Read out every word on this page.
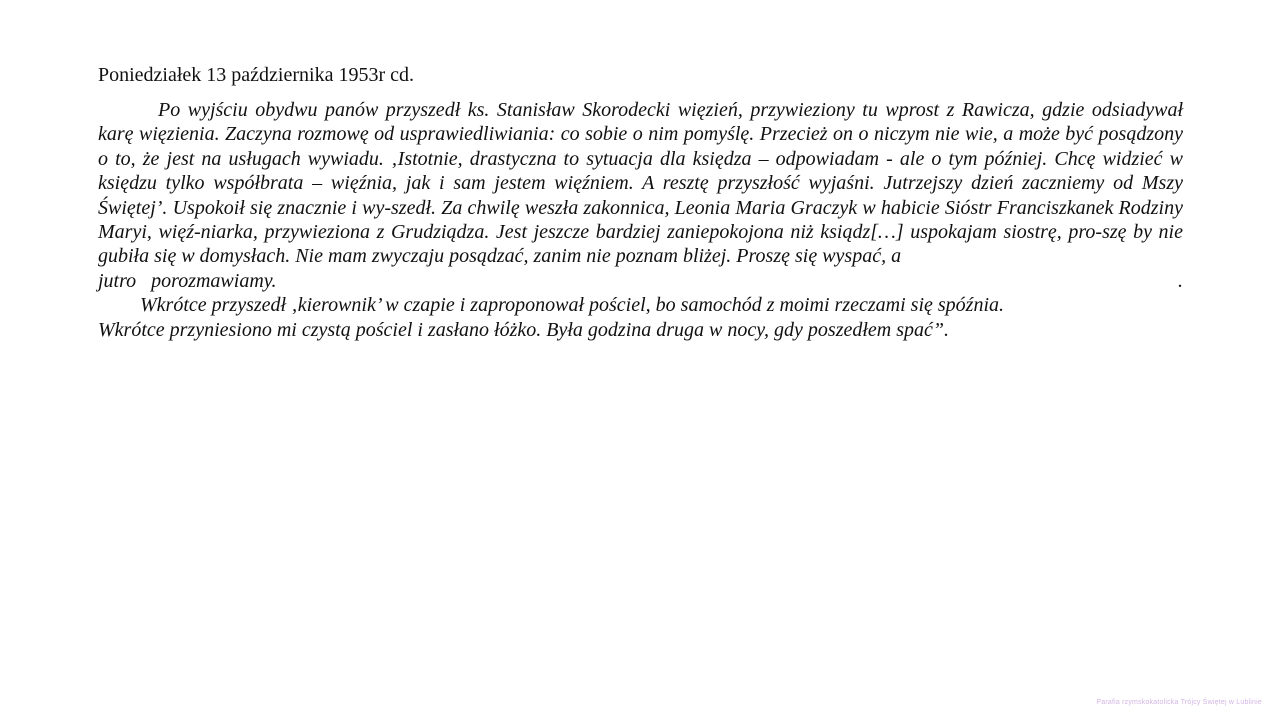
Poniedziałek 13 października 1953r cd.

Po wyjściu obydwu panów przyszedł ks. Stanisław Skorodecki więzień, przywieziony tu wprost z Rawicza, gdzie odsiadywał karę więzienia. Zaczyna rozmowę od usprawiedliwiania: co sobie o nim pomyślę. Przecież on o niczym nie wie, a może być posądzony o to, że jest na usługach wywiadu. ‚Istotnie, drastyczna to sytuacja dla księdza – odpowiadam - ale o tym później. Chcę widzieć w księdzu tylko współbrata – więźnia, jak i sam jestem więźniem. A resztę przyszłość wyjaśni. Jutrzejszy dzień zaczniemy od Mszy Świętej’. Uspokoił się znacznie i wy-szedł. Za chwilę weszła zakonnica, Leonia Maria Graczyk w habicie Sióstr Franciszkanek Rodziny Maryi, więź-niarka, przywieziona z Grudziądza. Jest jeszcze bardziej zaniepokojona niż ksiądz[…] uspokajam siostrę, pro-szę by nie gubiła się w domysłach. Nie mam zwyczaju posądzać, zanim nie poznam bliżej. Proszę się wyspać, a

jutro   porozmawiamy.	.

Wkrótce przyszedł ‚kierownik’ w czapie i zaproponował pościel, bo samochód z moimi rzeczami się spóźnia.

Wkrótce przyniesiono mi czystą pościel i zasłano łóżko. Była godzina druga w nocy, gdy poszedłem spać”.

Parafia rzymskokatolicka Trójcy Świętej w Lublinie
